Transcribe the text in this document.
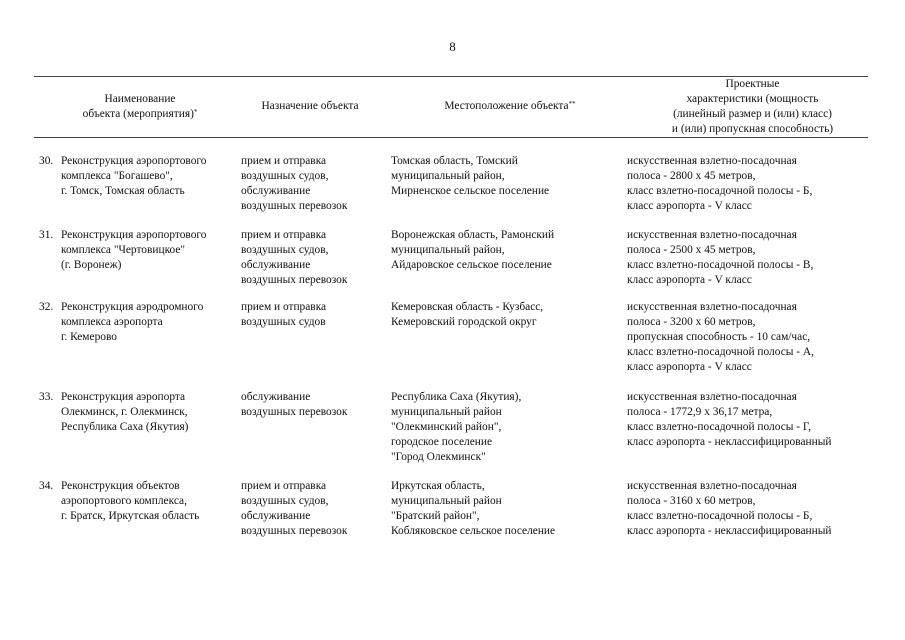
8
Наименование
объекта (мероприятия)*	Назначение объекта	Местоположение объекта**
Проектные
характеристики (мощность
(линейный размер и (или) класс)
и (или) пропускная способность)
30. Реконструкция аэропортового
комплекса "Богашево",
г. Томск, Томская область
прием и отправка
воздушных судов,
обслуживание
воздушных перевозок
Томская область, Томский
муниципальный район,
Мирненское сельское поселение
искусственная взлетно-посадочная
полоса - 2800 x 45 метров,
класс взлетно-посадочной полосы - Б,
класс аэропорта - V класс
31. Реконструкция аэропортового
комплекса "Чертовицкое"
(г. Воронеж)
прием и отправка
воздушных судов,
обслуживание
воздушных перевозок
Воронежская область, Рамонский
муниципальный район,
Айдаровское сельское поселение
искусственная взлетно-посадочная
полоса - 2500 x 45 метров,
класс взлетно-посадочной полосы - В,
класс аэропорта - V класс
32. Реконструкция аэродромного
комплекса аэропорта
г. Кемерово
прием и отправка
воздушных судов
Кемеровская область - Кузбасс,
Кемеровский городской округ
искусственная взлетно-посадочная
полоса - 3200 x 60 метров,
пропускная способность - 10 сам/час,
класс взлетно-посадочной полосы - А,
класс аэропорта - V класс
33. Реконструкция аэропорта
Олекминск, г. Олекминск,
Республика Саха (Якутия)
обслуживание
воздушных перевозок
Республика Саха (Якутия),
муниципальный район
"Олекминский район",
городское поселение
"Город Олекминск"
искусственная взлетно-посадочная
полоса - 1772,9 x 36,17 метра,
класс взлетно-посадочной полосы - Г,
класс аэропорта - неклассифицированный
34. Реконструкция объектов
аэропортового комплекса,
г. Братск, Иркутская область
прием и отправка
воздушных судов,
обслуживание
воздушных перевозок
Иркутская область,
муниципальный район
"Братский район",
Кобляковское сельское поселение
искусственная взлетно-посадочная
полоса - 3160 x 60 метров,
класс взлетно-посадочной полосы - Б,
класс аэропорта - неклассифицированный
